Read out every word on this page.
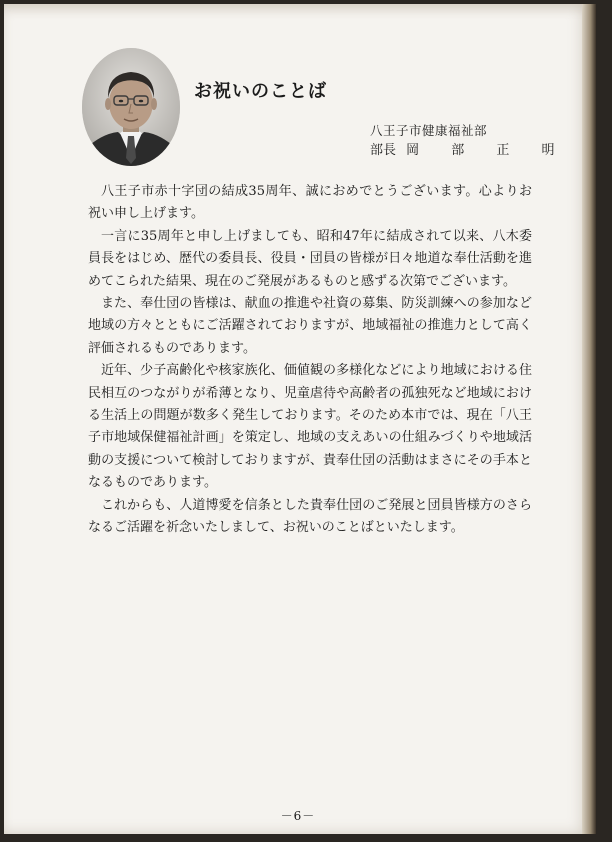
お祝いのことば
八王子市健康福祉部
部長 岡 部 正 明

八王子市赤十字団の結成35周年、誠におめでとうございます。心よりお祝い申し上げます。

一言に35周年と申し上げましても、昭和47年に結成されて以来、八木委員長をはじめ、歴代の委員長、役員・団員の皆様が日々地道な奉仕活動を進めてこられた結果、現在のご発展があるものと感ずる次第でございます。

また、奉仕団の皆様は、献血の推進や社資の募集、防災訓練への参加など地域の方々とともにご活躍されておりますが、地域福祉の推進力として高く評価されるものであります。

近年、少子高齢化や核家族化、価値観の多様化などにより地域における住民相互のつながりが希薄となり、児童虐待や高齢者の孤独死など地域における生活上の問題が数多く発生しております。そのため本市では、現在「八王子市地域保健福祉計画」を策定し、地域の支えあいの仕組みづくりや地域活動の支援について検討しておりますが、貴奉仕団の活動はまさにその手本となるものであります。

これからも、人道博愛を信条とした貴奉仕団のご発展と団員皆様方のさらなるご活躍を祈念いたしまして、お祝いのことばといたします。

－6－
